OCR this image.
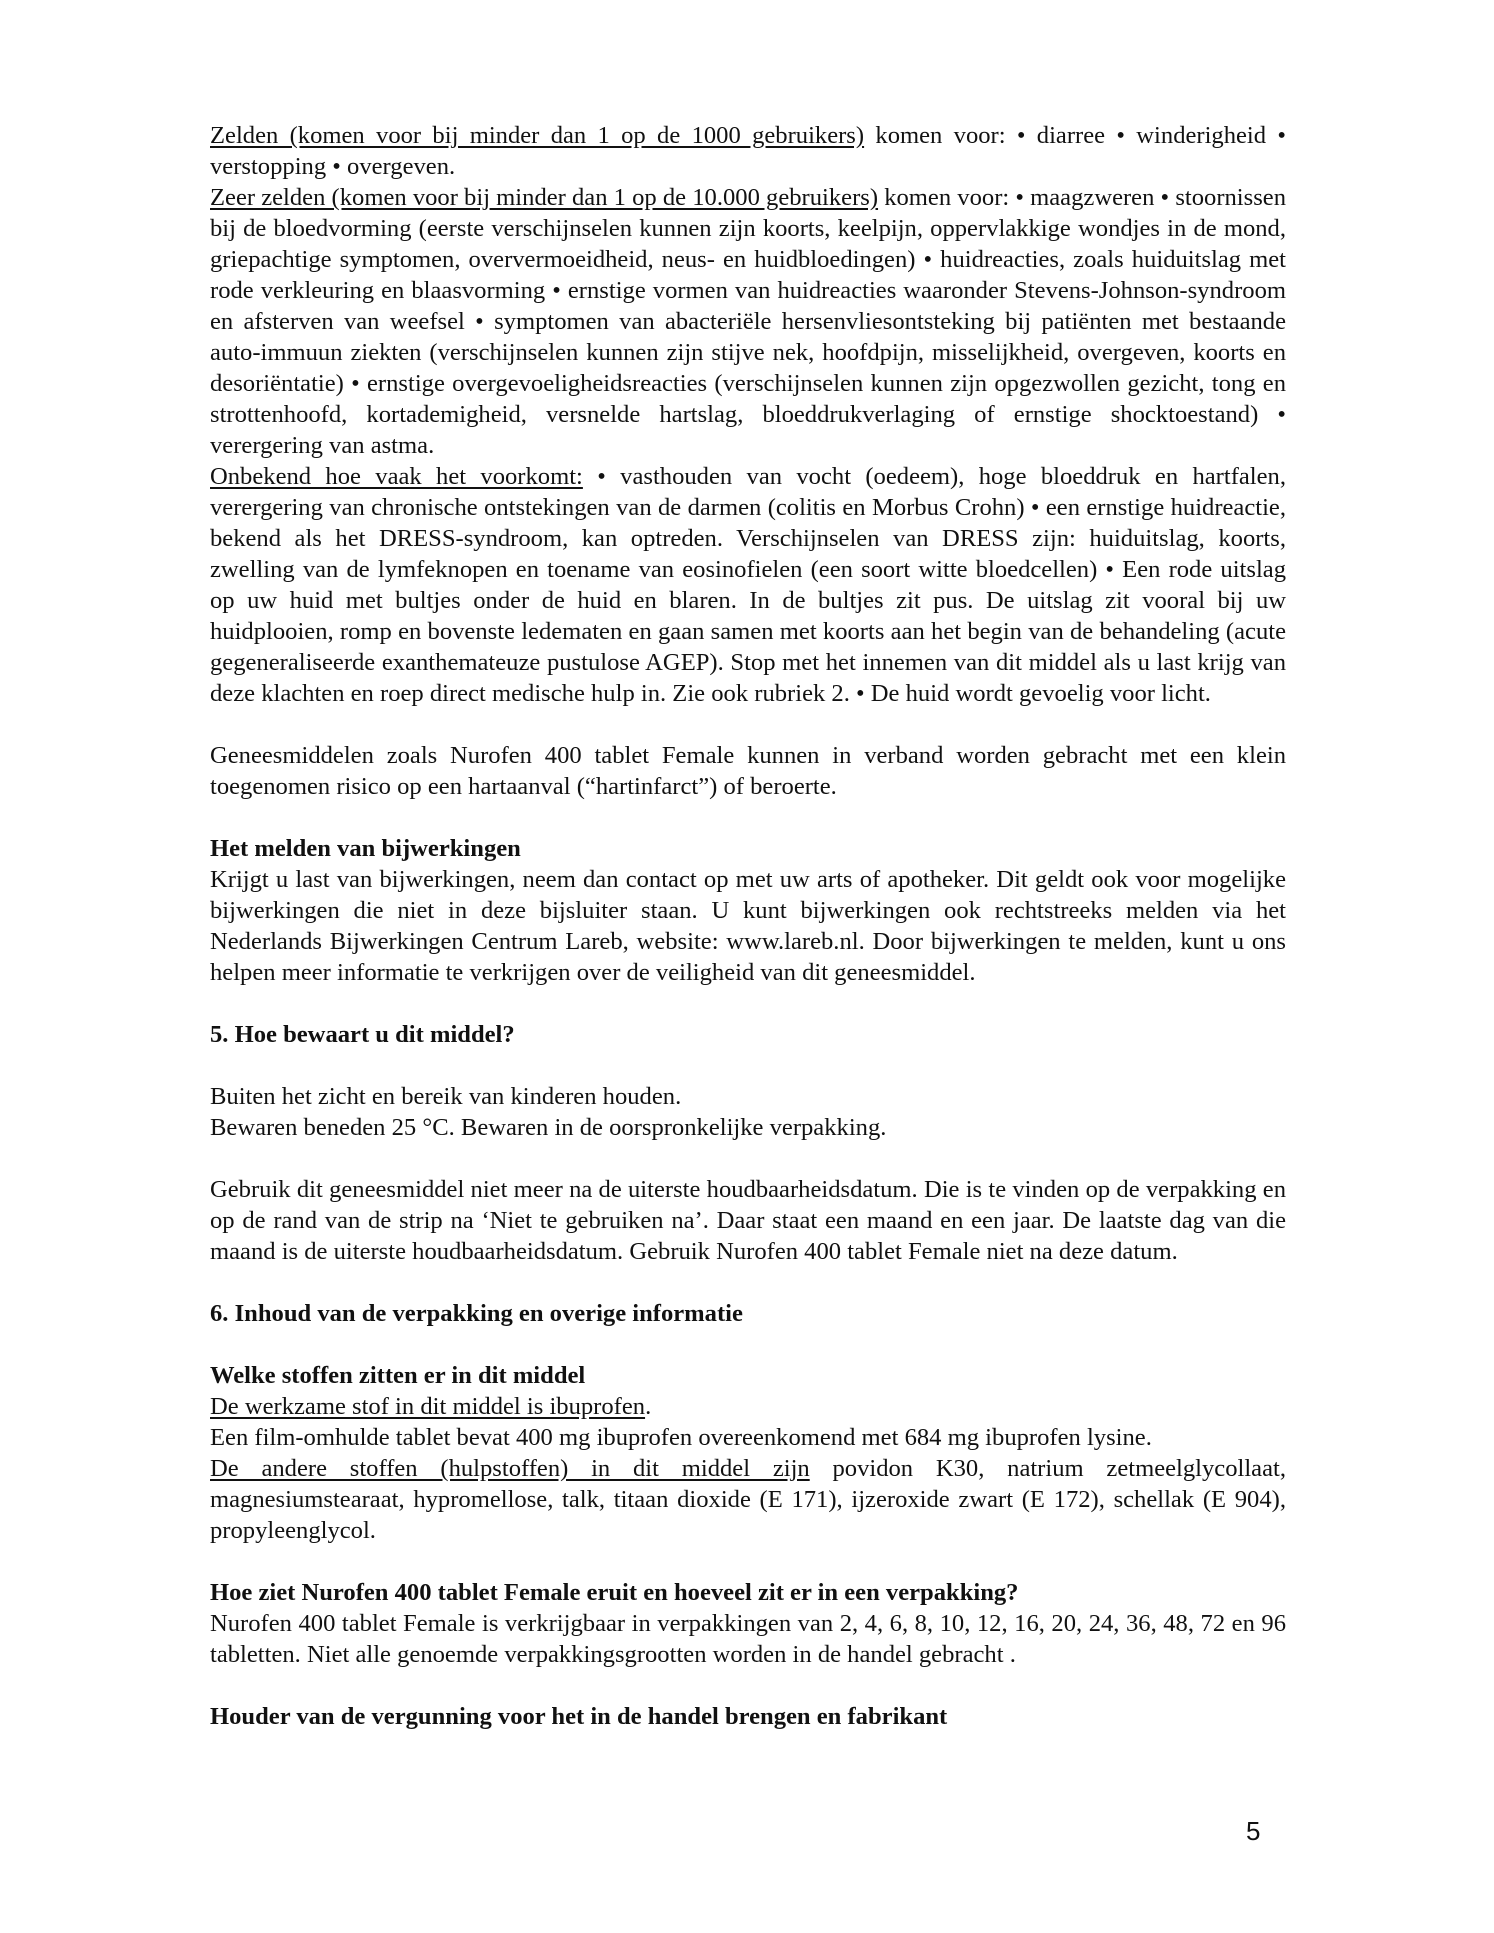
Zelden (komen voor bij minder dan 1 op de 1000 gebruikers) komen voor: • diarree • winderigheid • verstopping • overgeven.

Zeer zelden (komen voor bij minder dan 1 op de 10.000 gebruikers) komen voor: • maagzweren • stoornissen bij de bloedvorming (eerste verschijnselen kunnen zijn koorts, keelpijn, oppervlakkige wondjes in de mond, griepachtige symptomen, oververmoeidheid, neus- en huidbloedingen) • huidreacties, zoals huiduitslag met rode verkleuring en blaasvorming • ernstige vormen van huidreacties waaronder Stevens-Johnson-syndroom en afsterven van weefsel • symptomen van abacteriële hersenvliesontsteking bij patiënten met bestaande auto-immuun ziekten (verschijnselen kunnen zijn stijve nek, hoofdpijn, misselijkheid, overgeven, koorts en desoriëntatie) • ernstige overgevoeligheidsreacties (verschijnselen kunnen zijn opgezwollen gezicht, tong en strottenhoofd, kortademigheid, versnelde hartslag, bloeddrukverlaging of ernstige shocktoestand) • verergering van astma.

Onbekend hoe vaak het voorkomt: • vasthouden van vocht (oedeem), hoge bloeddruk en hartfalen, verergering van chronische ontstekingen van de darmen (colitis en Morbus Crohn) • een ernstige huidreactie, bekend als het DRESS-syndroom, kan optreden. Verschijnselen van DRESS zijn: huiduitslag, koorts, zwelling van de lymfeknopen en toename van eosinofielen (een soort witte bloedcellen) • Een rode uitslag op uw huid met bultjes onder de huid en blaren. In de bultjes zit pus. De uitslag zit vooral bij uw huidplooien, romp en bovenste ledematen en gaan samen met koorts aan het begin van de behandeling (acute gegeneraliseerde exanthemateuze pustulose AGEP). Stop met het innemen van dit middel als u last krijg van deze klachten en roep direct medische hulp in. Zie ook rubriek 2. • De huid wordt gevoelig voor licht.

Geneesmiddelen zoals Nurofen 400 tablet Female kunnen in verband worden gebracht met een klein toegenomen risico op een hartaanval (“hartinfarct”) of beroerte.

Het melden van bijwerkingen

Krijgt u last van bijwerkingen, neem dan contact op met uw arts of apotheker. Dit geldt ook voor mogelijke bijwerkingen die niet in deze bijsluiter staan. U kunt bijwerkingen ook rechtstreeks melden via het Nederlands Bijwerkingen Centrum Lareb, website: www.lareb.nl. Door bijwerkingen te melden, kunt u ons helpen meer informatie te verkrijgen over de veiligheid van dit geneesmiddel.

5. Hoe bewaart u dit middel?

Buiten het zicht en bereik van kinderen houden.

Bewaren beneden 25 °C. Bewaren in de oorspronkelijke verpakking.

Gebruik dit geneesmiddel niet meer na de uiterste houdbaarheidsdatum. Die is te vinden op de verpakking en op de rand van de strip na ‘Niet te gebruiken na’. Daar staat een maand en een jaar. De laatste dag van die maand is de uiterste houdbaarheidsdatum. Gebruik Nurofen 400 tablet Female niet na deze datum.

6. Inhoud van de verpakking en overige informatie

Welke stoffen zitten er in dit middel

De werkzame stof in dit middel is ibuprofen.

Een film-omhulde tablet bevat 400 mg ibuprofen overeenkomend met 684 mg ibuprofen lysine.

De andere stoffen (hulpstoffen) in dit middel zijn povidon K30, natrium zetmeelglycollaat, magnesiumstearaat, hypromellose, talk, titaan dioxide (E 171), ijzeroxide zwart (E 172), schellak (E 904), propyleenglycol.

Hoe ziet Nurofen 400 tablet Female eruit en hoeveel zit er in een verpakking?

Nurofen 400 tablet Female is verkrijgbaar in verpakkingen van 2, 4, 6, 8, 10, 12, 16, 20, 24, 36, 48, 72 en 96 tabletten. Niet alle genoemde verpakkingsgrootten worden in de handel gebracht .

Houder van de vergunning voor het in de handel brengen en fabrikant

5
